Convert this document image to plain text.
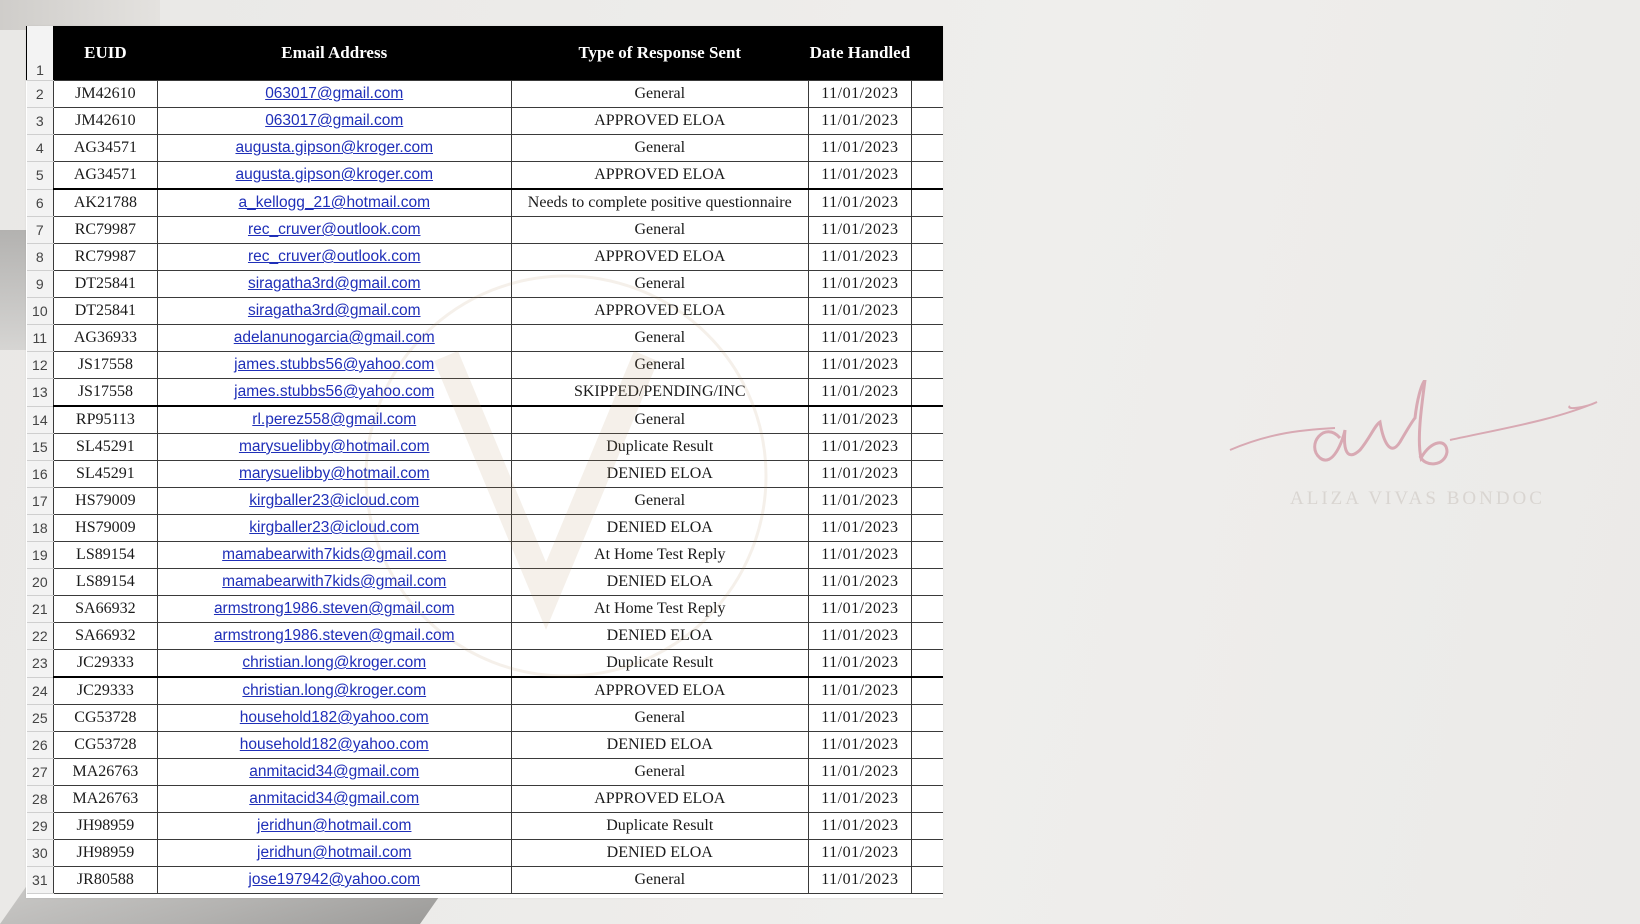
1	EUID	Email Address	Type of Response Sent	Date Handled	
2	JM42610	063017@gmail.com	General	11/01/2023	
3	JM42610	063017@gmail.com	APPROVED ELOA	11/01/2023	
4	AG34571	augusta.gipson@kroger.com	General	11/01/2023	
5	AG34571	augusta.gipson@kroger.com	APPROVED ELOA	11/01/2023	
6	AK21788	a_kellogg_21@hotmail.com	Needs to complete positive questionnaire	11/01/2023	
7	RC79987	rec_cruver@outlook.com	General	11/01/2023	
8	RC79987	rec_cruver@outlook.com	APPROVED ELOA	11/01/2023	
9	DT25841	siragatha3rd@gmail.com	General	11/01/2023	
10	DT25841	siragatha3rd@gmail.com	APPROVED ELOA	11/01/2023	
11	AG36933	adelanunogarcia@gmail.com	General	11/01/2023	
12	JS17558	james.stubbs56@yahoo.com	General	11/01/2023	
13	JS17558	james.stubbs56@yahoo.com	SKIPPED/PENDING/INC	11/01/2023	
14	RP95113	rl.perez558@gmail.com	General	11/01/2023	
15	SL45291	marysuelibby@hotmail.com	Duplicate Result	11/01/2023	
16	SL45291	marysuelibby@hotmail.com	DENIED ELOA	11/01/2023	
17	HS79009	kirgballer23@icloud.com	General	11/01/2023	
18	HS79009	kirgballer23@icloud.com	DENIED ELOA	11/01/2023	
19	LS89154	mamabearwith7kids@gmail.com	At Home Test Reply	11/01/2023	
20	LS89154	mamabearwith7kids@gmail.com	DENIED ELOA	11/01/2023	
21	SA66932	armstrong1986.steven@gmail.com	At Home Test Reply	11/01/2023	
22	SA66932	armstrong1986.steven@gmail.com	DENIED ELOA	11/01/2023	
23	JC29333	christian.long@kroger.com	Duplicate Result	11/01/2023	
24	JC29333	christian.long@kroger.com	APPROVED ELOA	11/01/2023	
25	CG53728	household182@yahoo.com	General	11/01/2023	
26	CG53728	household182@yahoo.com	DENIED ELOA	11/01/2023	
27	MA26763	anmitacid34@gmail.com	General	11/01/2023	
28	MA26763	anmitacid34@gmail.com	APPROVED ELOA	11/01/2023	
29	JH98959	jeridhun@hotmail.com	Duplicate Result	11/01/2023	
30	JH98959	jeridhun@hotmail.com	DENIED ELOA	11/01/2023	
31	JR80588	jose197942@yahoo.com	General	11/01/2023	
ALIZA VIVAS BONDOC
